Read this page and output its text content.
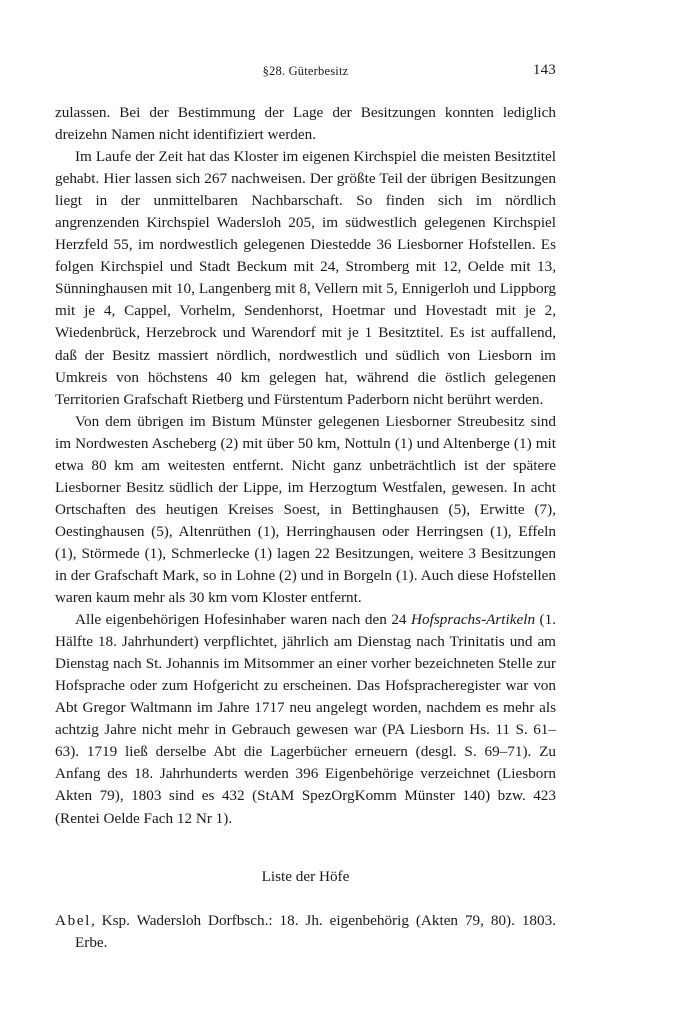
§28. Güterbesitz	143

zulassen. Bei der Bestimmung der Lage der Besitzungen konnten lediglich dreizehn Namen nicht identifiziert werden.

Im Laufe der Zeit hat das Kloster im eigenen Kirchspiel die meisten Besitztitel gehabt. Hier lassen sich 267 nachweisen. Der größte Teil der übrigen Besitzungen liegt in der unmittelbaren Nachbarschaft. So finden sich im nördlich angrenzenden Kirchspiel Wadersloh 205, im südwestlich gelegenen Kirchspiel Herzfeld 55, im nordwestlich gelegenen Diestedde 36 Liesborner Hofstellen. Es folgen Kirchspiel und Stadt Beckum mit 24, Stromberg mit 12, Oelde mit 13, Sünninghausen mit 10, Langenberg mit 8, Vellern mit 5, Ennigerloh und Lippborg mit je 4, Cappel, Vorhelm, Sendenhorst, Hoetmar und Hovestadt mit je 2, Wiedenbrück, Herzebrock und Warendorf mit je 1 Besitztitel. Es ist auffallend, daß der Besitz massiert nördlich, nordwestlich und südlich von Liesborn im Umkreis von höchstens 40 km gelegen hat, während die östlich gelegenen Territorien Grafschaft Rietberg und Fürstentum Paderborn nicht berührt werden.

Von dem übrigen im Bistum Münster gelegenen Liesborner Streubesitz sind im Nordwesten Ascheberg (2) mit über 50 km, Nottuln (1) und Altenberge (1) mit etwa 80 km am weitesten entfernt. Nicht ganz unbeträchtlich ist der spätere Liesborner Besitz südlich der Lippe, im Herzogtum Westfalen, gewesen. In acht Ortschaften des heutigen Kreises Soest, in Bettinghausen (5), Erwitte (7), Oestinghausen (5), Altenrüthen (1), Herringhausen oder Herringsen (1), Effeln (1), Störmede (1), Schmerlecke (1) lagen 22 Besitzungen, weitere 3 Besitzungen in der Grafschaft Mark, so in Lohne (2) und in Borgeln (1). Auch diese Hofstellen waren kaum mehr als 30 km vom Kloster entfernt.

Alle eigenbehörigen Hofesinhaber waren nach den 24 Hofsprachs-Artikeln (1. Hälfte 18. Jahrhundert) verpflichtet, jährlich am Dienstag nach Trinitatis und am Dienstag nach St. Johannis im Mitsommer an einer vorher bezeichneten Stelle zur Hofsprache oder zum Hofgericht zu erscheinen. Das Hofspracheregister war von Abt Gregor Waltmann im Jahre 1717 neu angelegt worden, nachdem es mehr als achtzig Jahre nicht mehr in Gebrauch gewesen war (PA Liesborn Hs. 11 S. 61–63). 1719 ließ derselbe Abt die Lagerbücher erneuern (desgl. S. 69–71). Zu Anfang des 18. Jahrhunderts werden 396 Eigenbehörige verzeichnet (Liesborn Akten 79), 1803 sind es 432 (StAM SpezOrgKomm Münster 140) bzw. 423 (Rentei Oelde Fach 12 Nr 1).

Liste der Höfe
Abel, Ksp. Wadersloh Dorfbsch.: 18. Jh. eigenbehörig (Akten 79, 80). 1803. Erbe.
